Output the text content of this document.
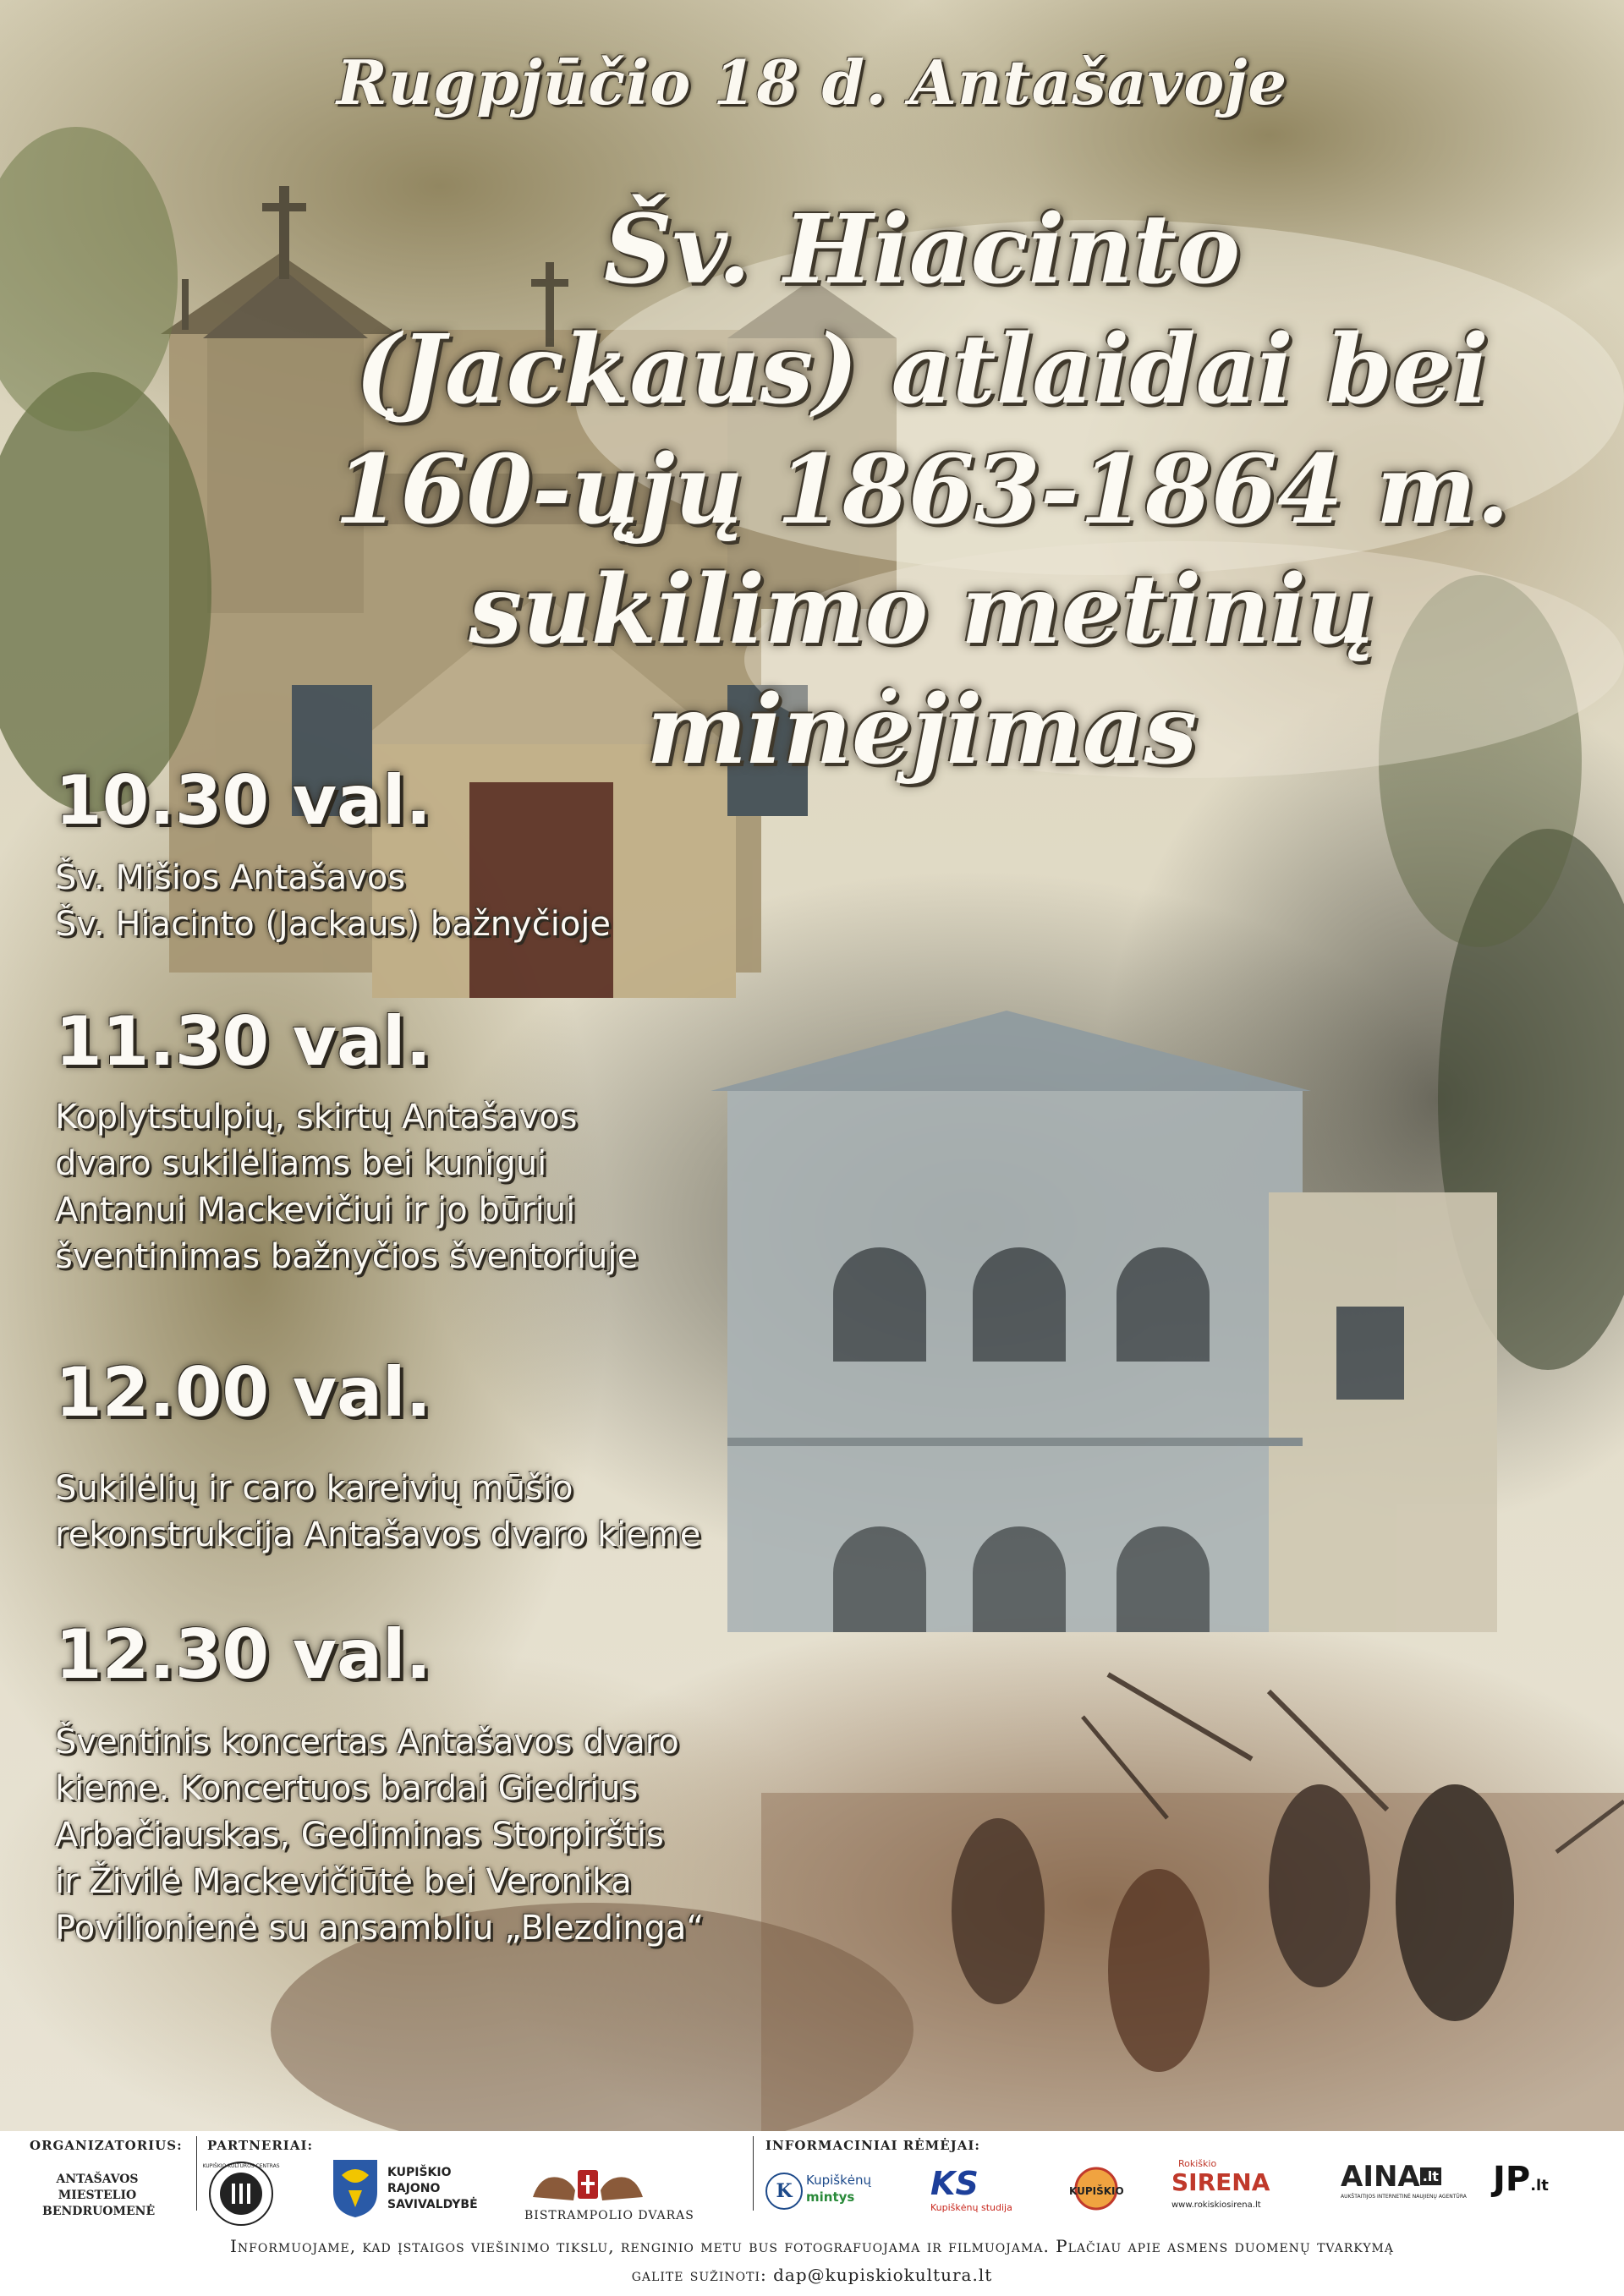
Rugpjūčio 18 d. Antašavoje
Šv. Hiacinto
(Jackaus) atlaidai bei
160-ųjų 1863-1864 m.
sukilimo metinių
minėjimas
10.30 val.
Šv. Mišios Antašavos
Šv. Hiacinto (Jackaus) bažnyčioje
11.30 val.
Koplytstulpių, skirtų Antašavos
dvaro sukilėliams bei kunigui
Antanui Mackevičiui ir jo būriui
šventinimas bažnyčios šventoriuje
12.00 val.
Sukilėlių ir caro kareivių mūšio
rekonstrukcija Antašavos dvaro kieme
12.30 val.
Šventinis koncertas Antašavos dvaro
kieme. Koncertuos bardai Giedrius
Arbačiauskas, Gediminas Storpirštis
ir Živilė Mackevičiūtė bei Veronika
Povilionienė su ansambliu „Blezdinga“
ORGANIZATORIUS:
ANTAŠAVOS
MIESTELIO
BENDRUOMENĖ
PARTNERIAI:
KUPIŠKIO KULTŪROS CENTRAS	KUPIŠKIO
RAJONO
SAVIVALDYBĖ
BISTRAMPOLIO DVARAS
INFORMACINIAI RĖMĖJAI:
K	Kupiškėnų
mintys KS
Kupiškėnų studija
KUPIŠKIO
Rokiškio
SIRENA
www.rokiskiosirena.lt
AINA .lt
AUKŠTAITIJOS INTERNETINĖ NAUJIENŲ AGENTŪRA JP.lt
Informuojame, kad įstaigos viešinimo tikslu, renginio metu bus fotografuojama ir filmuojama. Plačiau apie asmens duomenų tvarkymą
galite sužinoti: dap@kupiskiokultura.lt
